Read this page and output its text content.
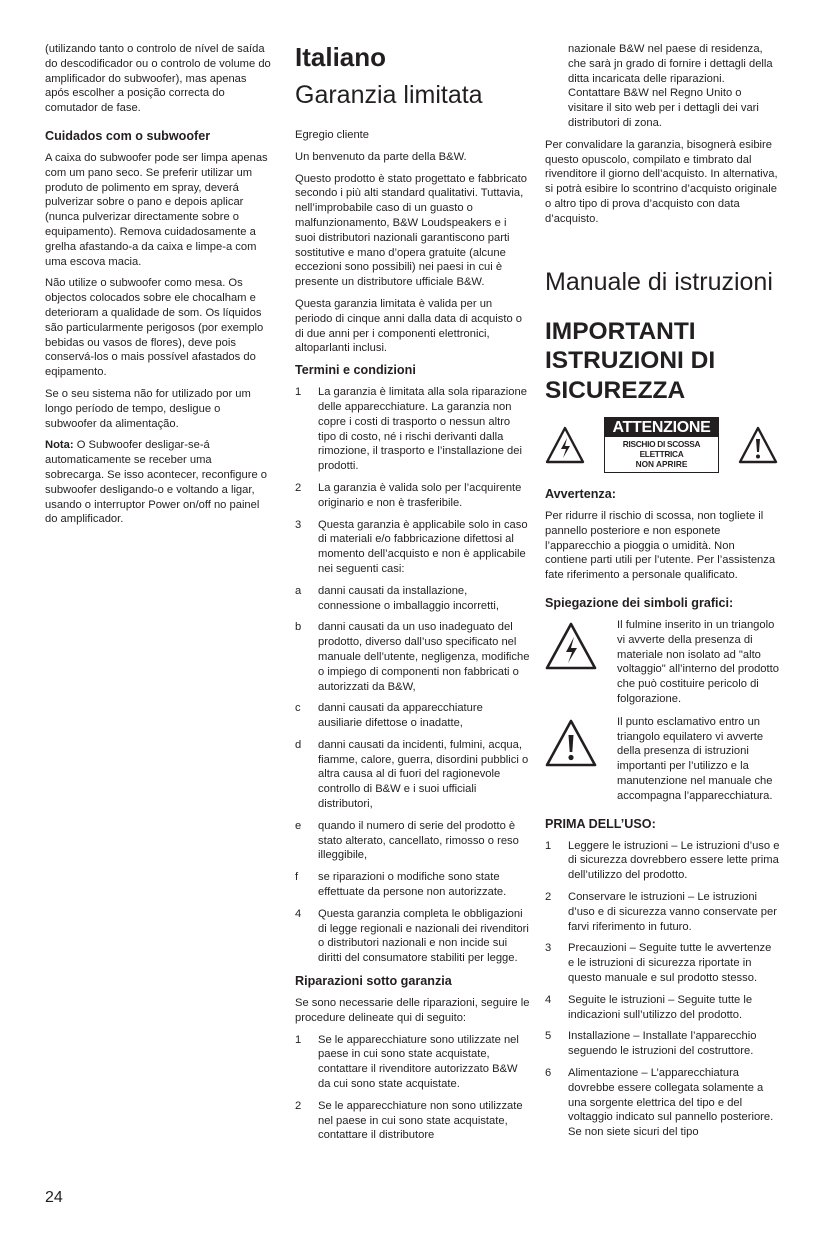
(utilizando tanto o controlo de nível de saída do descodificador ou o controlo de volume do amplificador do subwoofer), mas apenas após escolher a posição correcta do comutador de fase.

Cuidados com o subwoofer

A caixa do subwoofer pode ser limpa apenas com um pano seco. Se preferir utilizar um produto de polimento em spray, deverá pulverizar sobre o pano e depois aplicar (nunca pulverizar directamente sobre o equipamento). Remova cuidadosamente a grelha afastando-a da caixa e limpe-a com uma escova macia.

Não utilize o subwoofer como mesa. Os objectos colocados sobre ele chocalham e deterioram a qualidade de som. Os líquidos são particularmente perigosos (por exemplo bebidas ou vasos de flores), deve pois conservá-los o mais possível afastados do eqipamento.

Se o seu sistema não for utilizado por um longo período de tempo, desligue o subwoofer da alimentação.

Nota: O Subwoofer desligar-se-á automaticamente se receber uma sobrecarga. Se isso acontecer, reconfigure o subwoofer desligando-o e voltando a ligar, usando o interruptor Power on/off no painel do amplificador.

Italiano
Garanzia limitata

Egregio cliente

Un benvenuto da parte della B&W.

Questo prodotto è stato progettato e fabbricato secondo i più alti standard qualitativi. Tuttavia, nell’improbabile caso di un guasto o malfunzionamento, B&W Loudspeakers e i suoi distributori nazionali garantiscono parti sostitutive e mano d’opera gratuite (alcune eccezioni sono possibili) nei paesi in cui è presente un distributore ufficiale B&W.

Questa garanzia limitata è valida per un periodo di cinque anni dalla data di acquisto o di due anni per i componenti elettronici, altoparlanti inclusi.

Termini e condizioni
1	La garanzia è limitata alla sola riparazione delle apparecchiature. La garanzia non copre i costi di trasporto o nessun altro tipo di costo, né i rischi derivanti dalla rimozione, il trasporto e l’installazione dei prodotti.
2	La garanzia è valida solo per l’acquirente originario e non è trasferibile.
3	Questa garanzia è applicabile solo in caso di materiali e/o fabbricazione difettosi al momento dell’acquisto e non è applicabile nei seguenti casi:
a	danni causati da installazione, connessione o imballaggio incorretti,
b	danni causati da un uso inadeguato del prodotto, diverso dall’uso specificato nel manuale dell’utente, negligenza, modifiche o impiego di componenti non fabbricati o autorizzati da B&W,
c	danni causati da apparecchiature ausiliarie difettose o inadatte,
d	danni causati da incidenti, fulmini, acqua, fiamme, calore, guerra, disordini pubblici o altra causa al di fuori del ragionevole controllo di B&W e i suoi ufficiali distributori,
e	quando il numero di serie del prodotto è stato alterato, cancellato, rimosso o reso illeggibile,
f	se riparazioni o modifiche sono state effettuate da persone non autorizzate.
4	Questa garanzia completa le obbligazioni di legge regionali e nazionali dei rivenditori o distributori nazionali e non incide sui diritti del consumatore stabiliti per legge.
Riparazioni sotto garanzia

Se sono necessarie delle riparazioni, seguire le procedure delineate qui di seguito:

1	Se le apparecchiature sono utilizzate nel paese in cui sono state acquistate, contattare il rivenditore autorizzato B&W da cui sono state acquistate.
2	Se le apparecchiature non sono utilizzate nel paese in cui sono state acquistate, contattare il distributore

nazionale B&W nel paese di residenza, che sarà jn grado di fornire i dettagli della ditta incaricata delle riparazioni. Contattare B&W nel Regno Unito o visitare il sito web per i dettagli dei vari distributori di zona.

Per convalidare la garanzia, bisognerà esibire questo opuscolo, compilato e timbrato dal rivenditore il giorno dell’acquisto. In alternativa, si potrà esibire lo scontrino d’acquisto originale o altro tipo di prova d’acquisto con data d’acquisto.

Manuale di istruzioni
IMPORTANTI ISTRUZIONI DI SICUREZZA
ATTENZIONE
RISCHIO DI SCOSSA ELETTRICA
NON APRIRE
Avvertenza:

Per ridurre il rischio di scossa, non togliete il pannello posteriore e non esponete l’apparecchio a pioggia o umidità. Non contiene parti utili per l’utente. Per l’assistenza fate riferimento a personale qualificato.

Spiegazione dei simboli grafici:
Il fulmine inserito in un triangolo vi avverte della presenza di materiale non isolato ad "alto voltaggio" all’interno del prodotto che può costituire pericolo di folgorazione.
Il punto esclamativo entro un triangolo equilatero vi avverte della presenza di istruzioni importanti per l’utilizzo e la manutenzione nel manuale che accompagna l’apparecchiatura.
PRIMA DELL’USO:
1	Leggere le istruzioni – Le istruzioni d’uso e di sicurezza dovrebbero essere lette prima dell’utilizzo del prodotto.
2	Conservare le istruzioni – Le istruzioni d’uso e di sicurezza vanno conservate per farvi riferimento in futuro.
3	Precauzioni – Seguite tutte le avvertenze e le istruzioni di sicurezza riportate in questo manuale e sul prodotto stesso.
4	Seguite le istruzioni – Seguite tutte le indicazioni sull’utilizzo del prodotto.
5	Installazione – Installate l’apparecchio seguendo le istruzioni del costruttore.
6	Alimentazione – L’apparecchiatura dovrebbe essere collegata solamente a una sorgente elettrica del tipo e del voltaggio indicato sul pannello posteriore. Se non siete sicuri del tipo
24
